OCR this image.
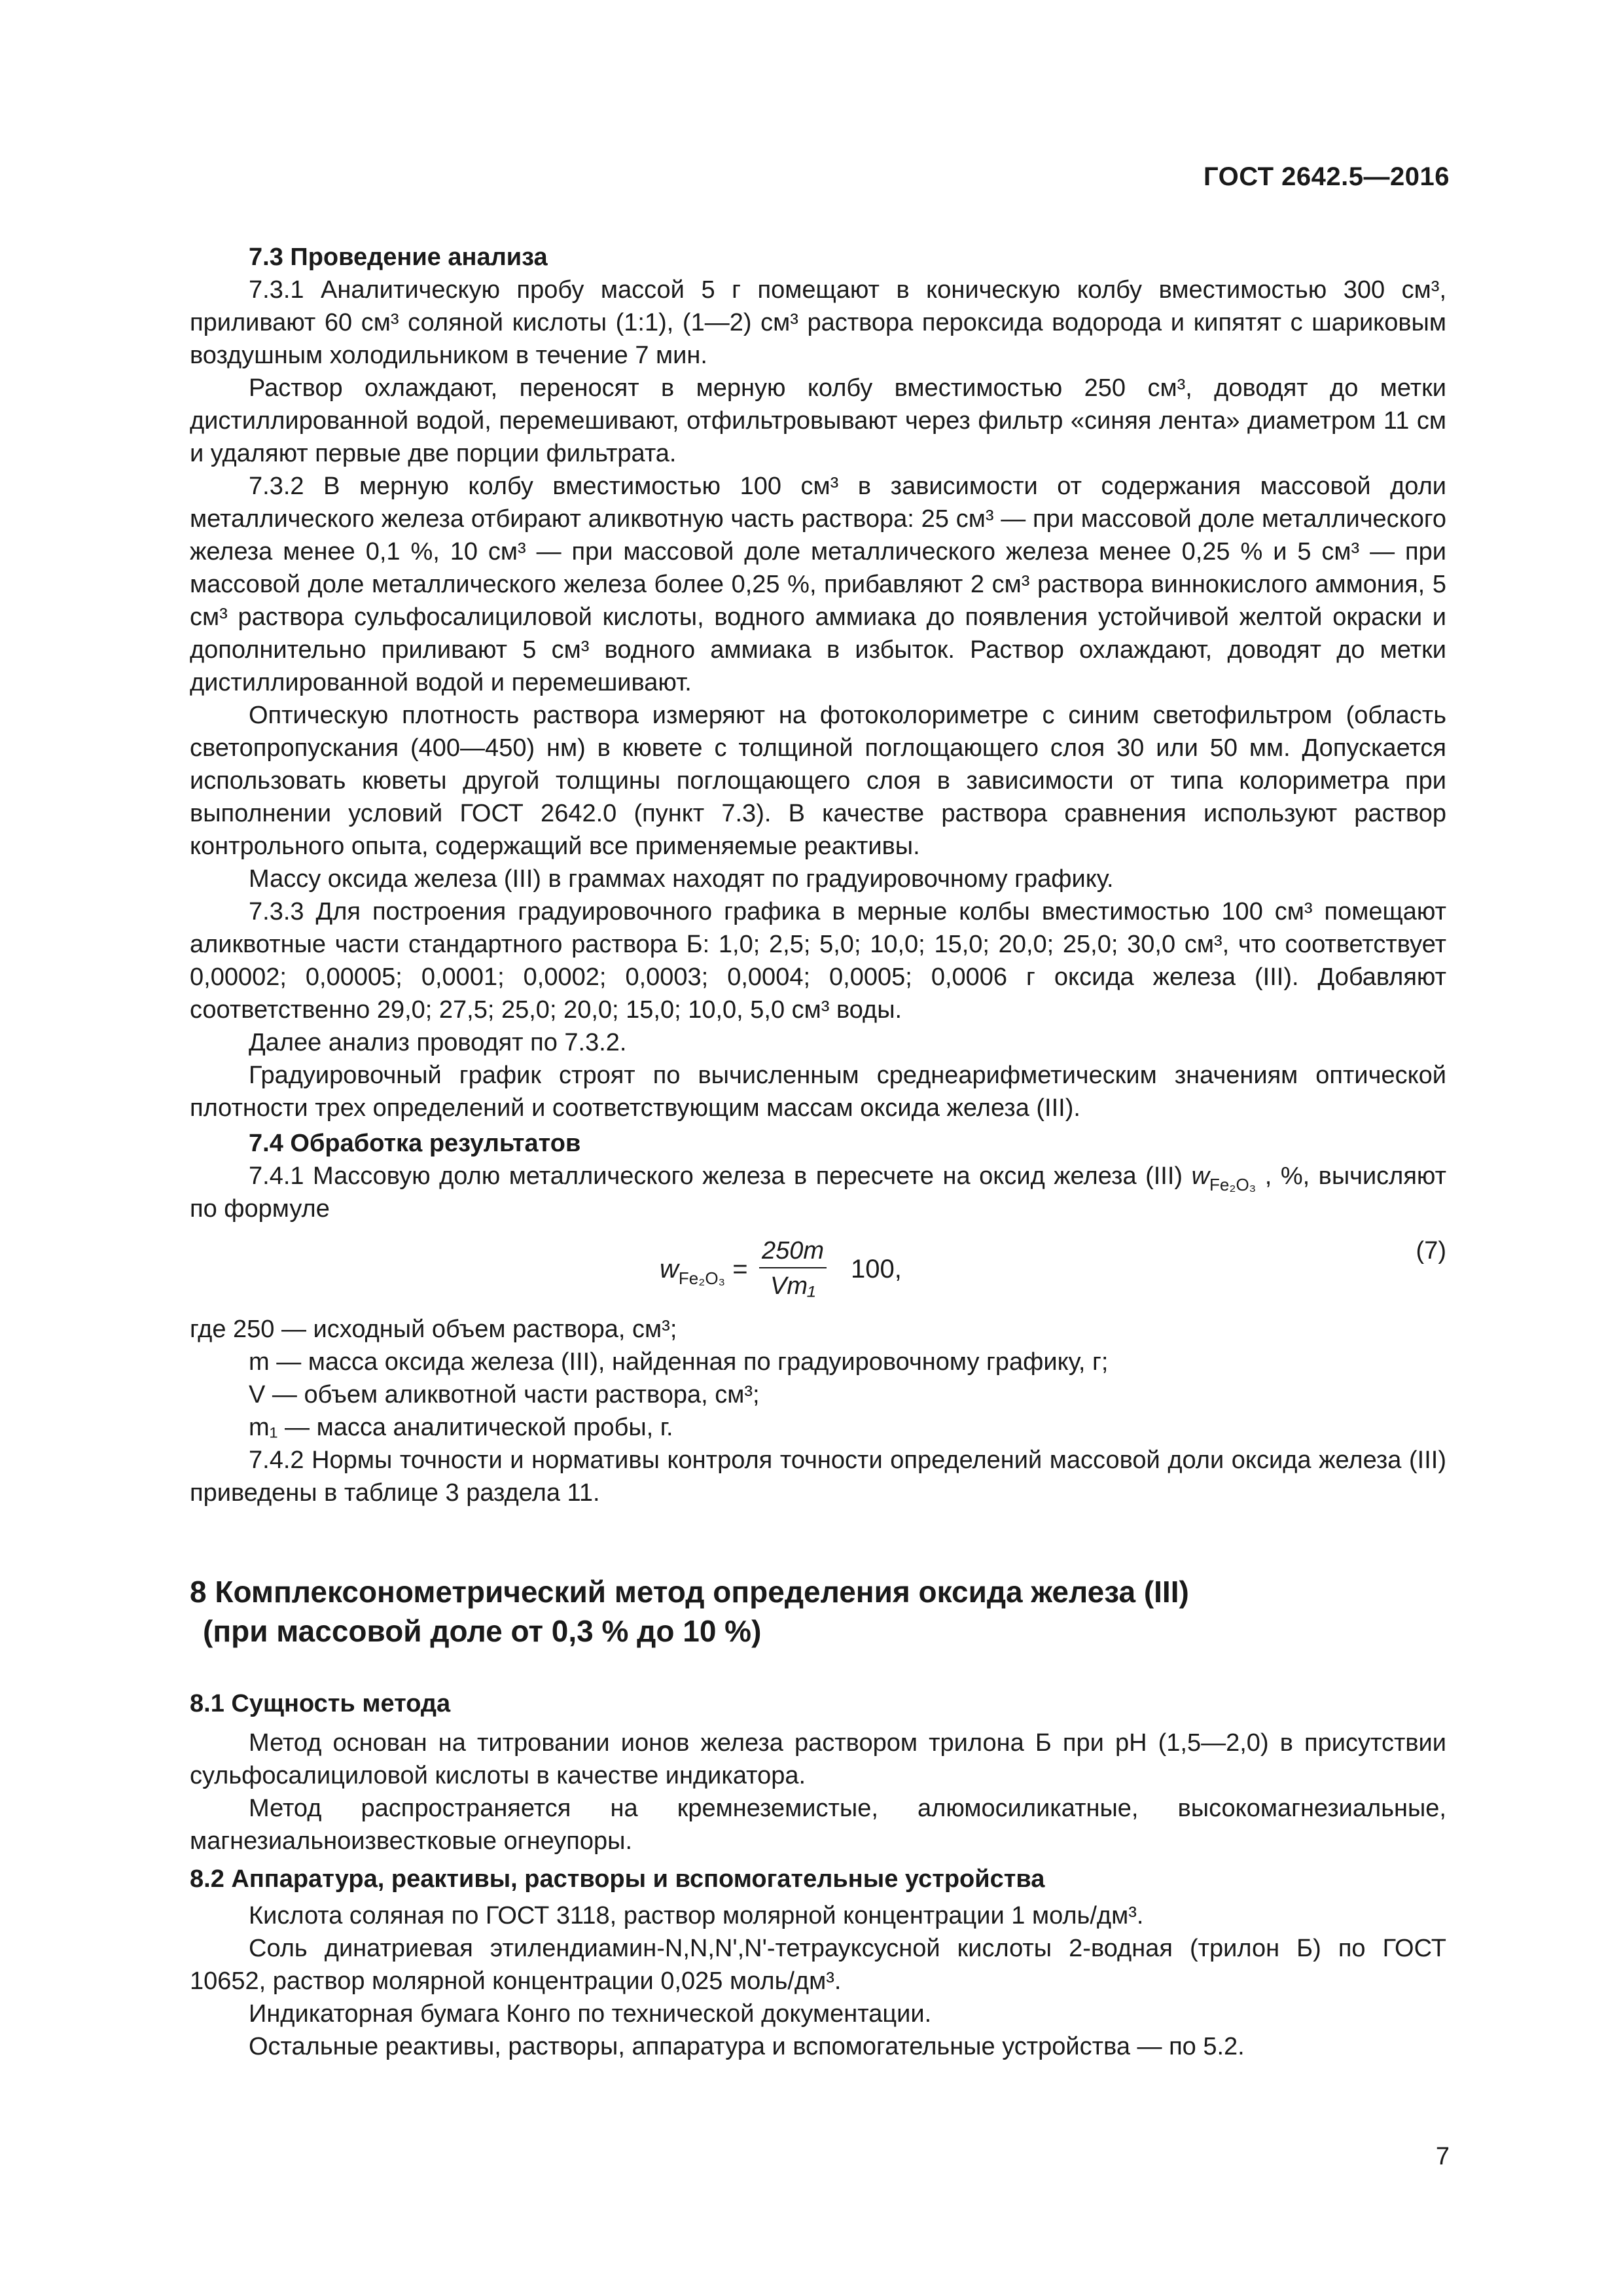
ГОСТ 2642.5—2016
7.3 Проведение анализа
7.3.1 Аналитическую пробу массой 5 г помещают в коническую колбу вместимостью 300 см³, приливают 60 см³ соляной кислоты (1:1), (1—2) см³ раствора пероксида водорода и кипятят с шариковым воздушным холодильником в течение 7 мин.
Раствор охлаждают, переносят в мерную колбу вместимостью 250 см³, доводят до метки дистиллированной водой, перемешивают, отфильтровывают через фильтр «синяя лента» диаметром 11 см и удаляют первые две порции фильтрата.
7.3.2 В мерную колбу вместимостью 100 см³ в зависимости от содержания массовой доли металлического железа отбирают аликвотную часть раствора: 25 см³ — при массовой доле металлического железа менее 0,1 %, 10 см³ — при массовой доле металлического железа менее 0,25 % и 5 см³ — при массовой доле металлического железа более 0,25 %, прибавляют 2 см³ раствора виннокислого аммония, 5 см³ раствора сульфосалициловой кислоты, водного аммиака до появления устойчивой желтой окраски и дополнительно приливают 5 см³ водного аммиака в избыток. Раствор охлаждают, доводят до метки дистиллированной водой и перемешивают.
Оптическую плотность раствора измеряют на фотоколориметре с синим светофильтром (область светопропускания (400—450) нм) в кювете с толщиной поглощающего слоя 30 или 50 мм. Допускается использовать кюветы другой толщины поглощающего слоя в зависимости от типа колориметра при выполнении условий ГОСТ 2642.0 (пункт 7.3). В качестве раствора сравнения используют раствор контрольного опыта, содержащий все применяемые реактивы.
Массу оксида железа (III) в граммах находят по градуировочному графику.
7.3.3 Для построения градуировочного графика в мерные колбы вместимостью 100 см³ помещают аликвотные части стандартного раствора Б: 1,0; 2,5; 5,0; 10,0; 15,0; 20,0; 25,0; 30,0 см³, что соответствует 0,00002; 0,00005; 0,0001; 0,0002; 0,0003; 0,0004; 0,0005; 0,0006 г оксида железа (III). Добавляют соответственно 29,0; 27,5; 25,0; 20,0; 15,0; 10,0, 5,0 см³ воды.
Далее анализ проводят по 7.3.2.
Градуировочный график строят по вычисленным среднеарифметическим значениям оптической плотности трех определений и соответствующим массам оксида железа (III).
7.4 Обработка результатов
7.4.1 Массовую долю металлического железа в пересчете на оксид железа (III) $w_{Fe_2O_3}$ , %, вычисляют по формуле
$w_{Fe_2O_3} = \frac{250m}{\text{Vm₁}} 100$,
(7)
где 250 — исходный объем раствора, см³;
m — масса оксида железа (III), найденная по градуировочному графику, г;
V — объем аликвотной части раствора, см³;
m₁ — масса аналитической пробы, г.
7.4.2 Нормы точности и нормативы контроля точности определений массовой доли оксида железа (III) приведены в таблице 3 раздела 11.
8 Комплексонометрический метод определения оксида железа (III)
(при массовой доле от 0,3 % до 10 %)
8.1 Сущность метода
Метод основан на титровании ионов железа раствором трилона Б при рН (1,5—2,0) в присутствии сульфосалициловой кислоты в качестве индикатора.
Метод распространяется на кремнеземистые, алюмосиликатные, высокомагнезиальные, магнезиальноизвестковые огнеупоры.
8.2 Аппаратура, реактивы, растворы и вспомогательные устройства
Кислота соляная по ГОСТ 3118, раствор молярной концентрации 1 моль/дм³.
Соль динатриевая этилендиамин-N,N,N',N'-тетрауксусной кислоты 2-водная (трилон Б) по ГОСТ 10652, раствор молярной концентрации 0,025 моль/дм³.
Индикаторная бумага Конго по технической документации.
Остальные реактивы, растворы, аппаратура и вспомогательные устройства — по 5.2.
7
